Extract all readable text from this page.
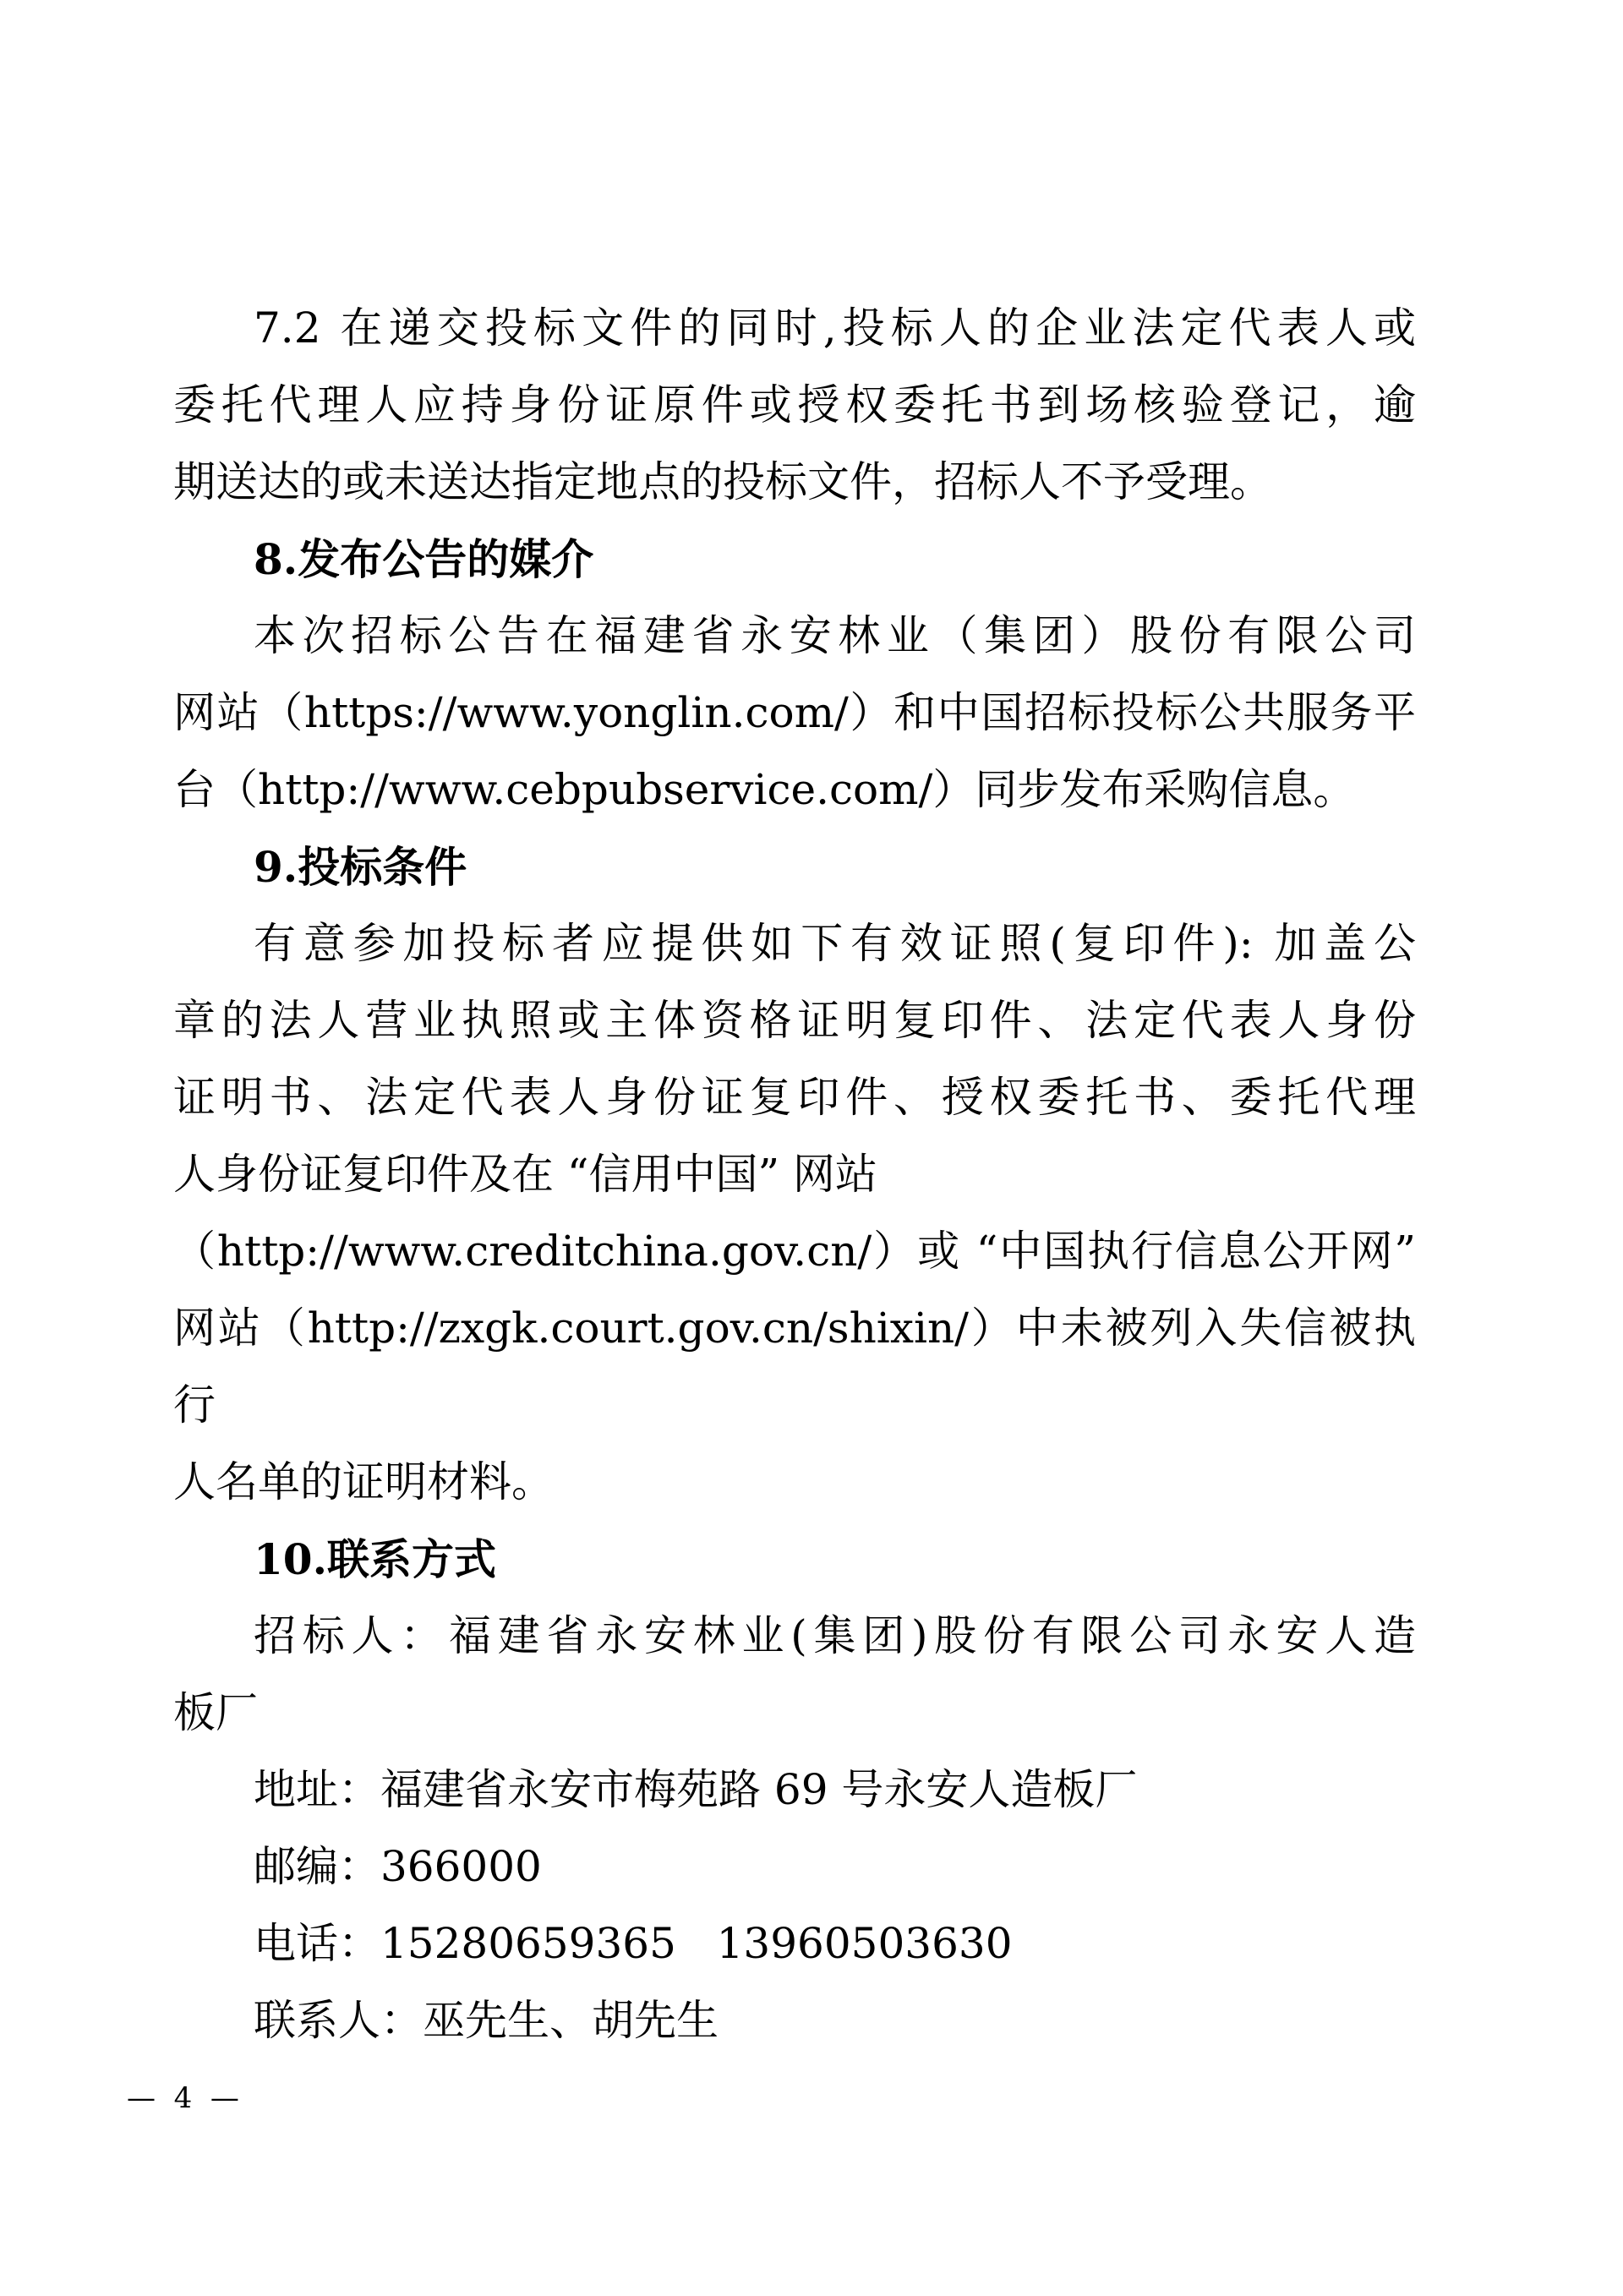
7.2 在递交投标文件的同时,投标人的企业法定代表人或

委托代理人应持身份证原件或授权委托书到场核验登记，逾

期送达的或未送达指定地点的投标文件，招标人不予受理。

8.发布公告的媒介

本次招标公告在福建省永安林业（集团）股份有限公司

网站（https://www.yonglin.com/）和中国招标投标公共服务平

台（http://www.cebpubservice.com/）同步发布采购信息。

9.投标条件

有意参加投标者应提供如下有效证照(复印件): 加盖公

章的法人营业执照或主体资格证明复印件、法定代表人身份

证明书、法定代表人身份证复印件、授权委托书、委托代理

人身份证复印件及在 “信用中国” 网站

（http://www.creditchina.gov.cn/）或 “中国执行信息公开网”

网站（http://zxgk.court.gov.cn/shixin/）中未被列入失信被执行

人名单的证明材料。

10.联系方式

招标人：福建省永安林业(集团)股份有限公司永安人造

板厂

地址：福建省永安市梅苑路 69 号永安人造板厂

邮编：366000

电话：15280659365   13960503630

联系人：巫先生、胡先生

—  4  —
